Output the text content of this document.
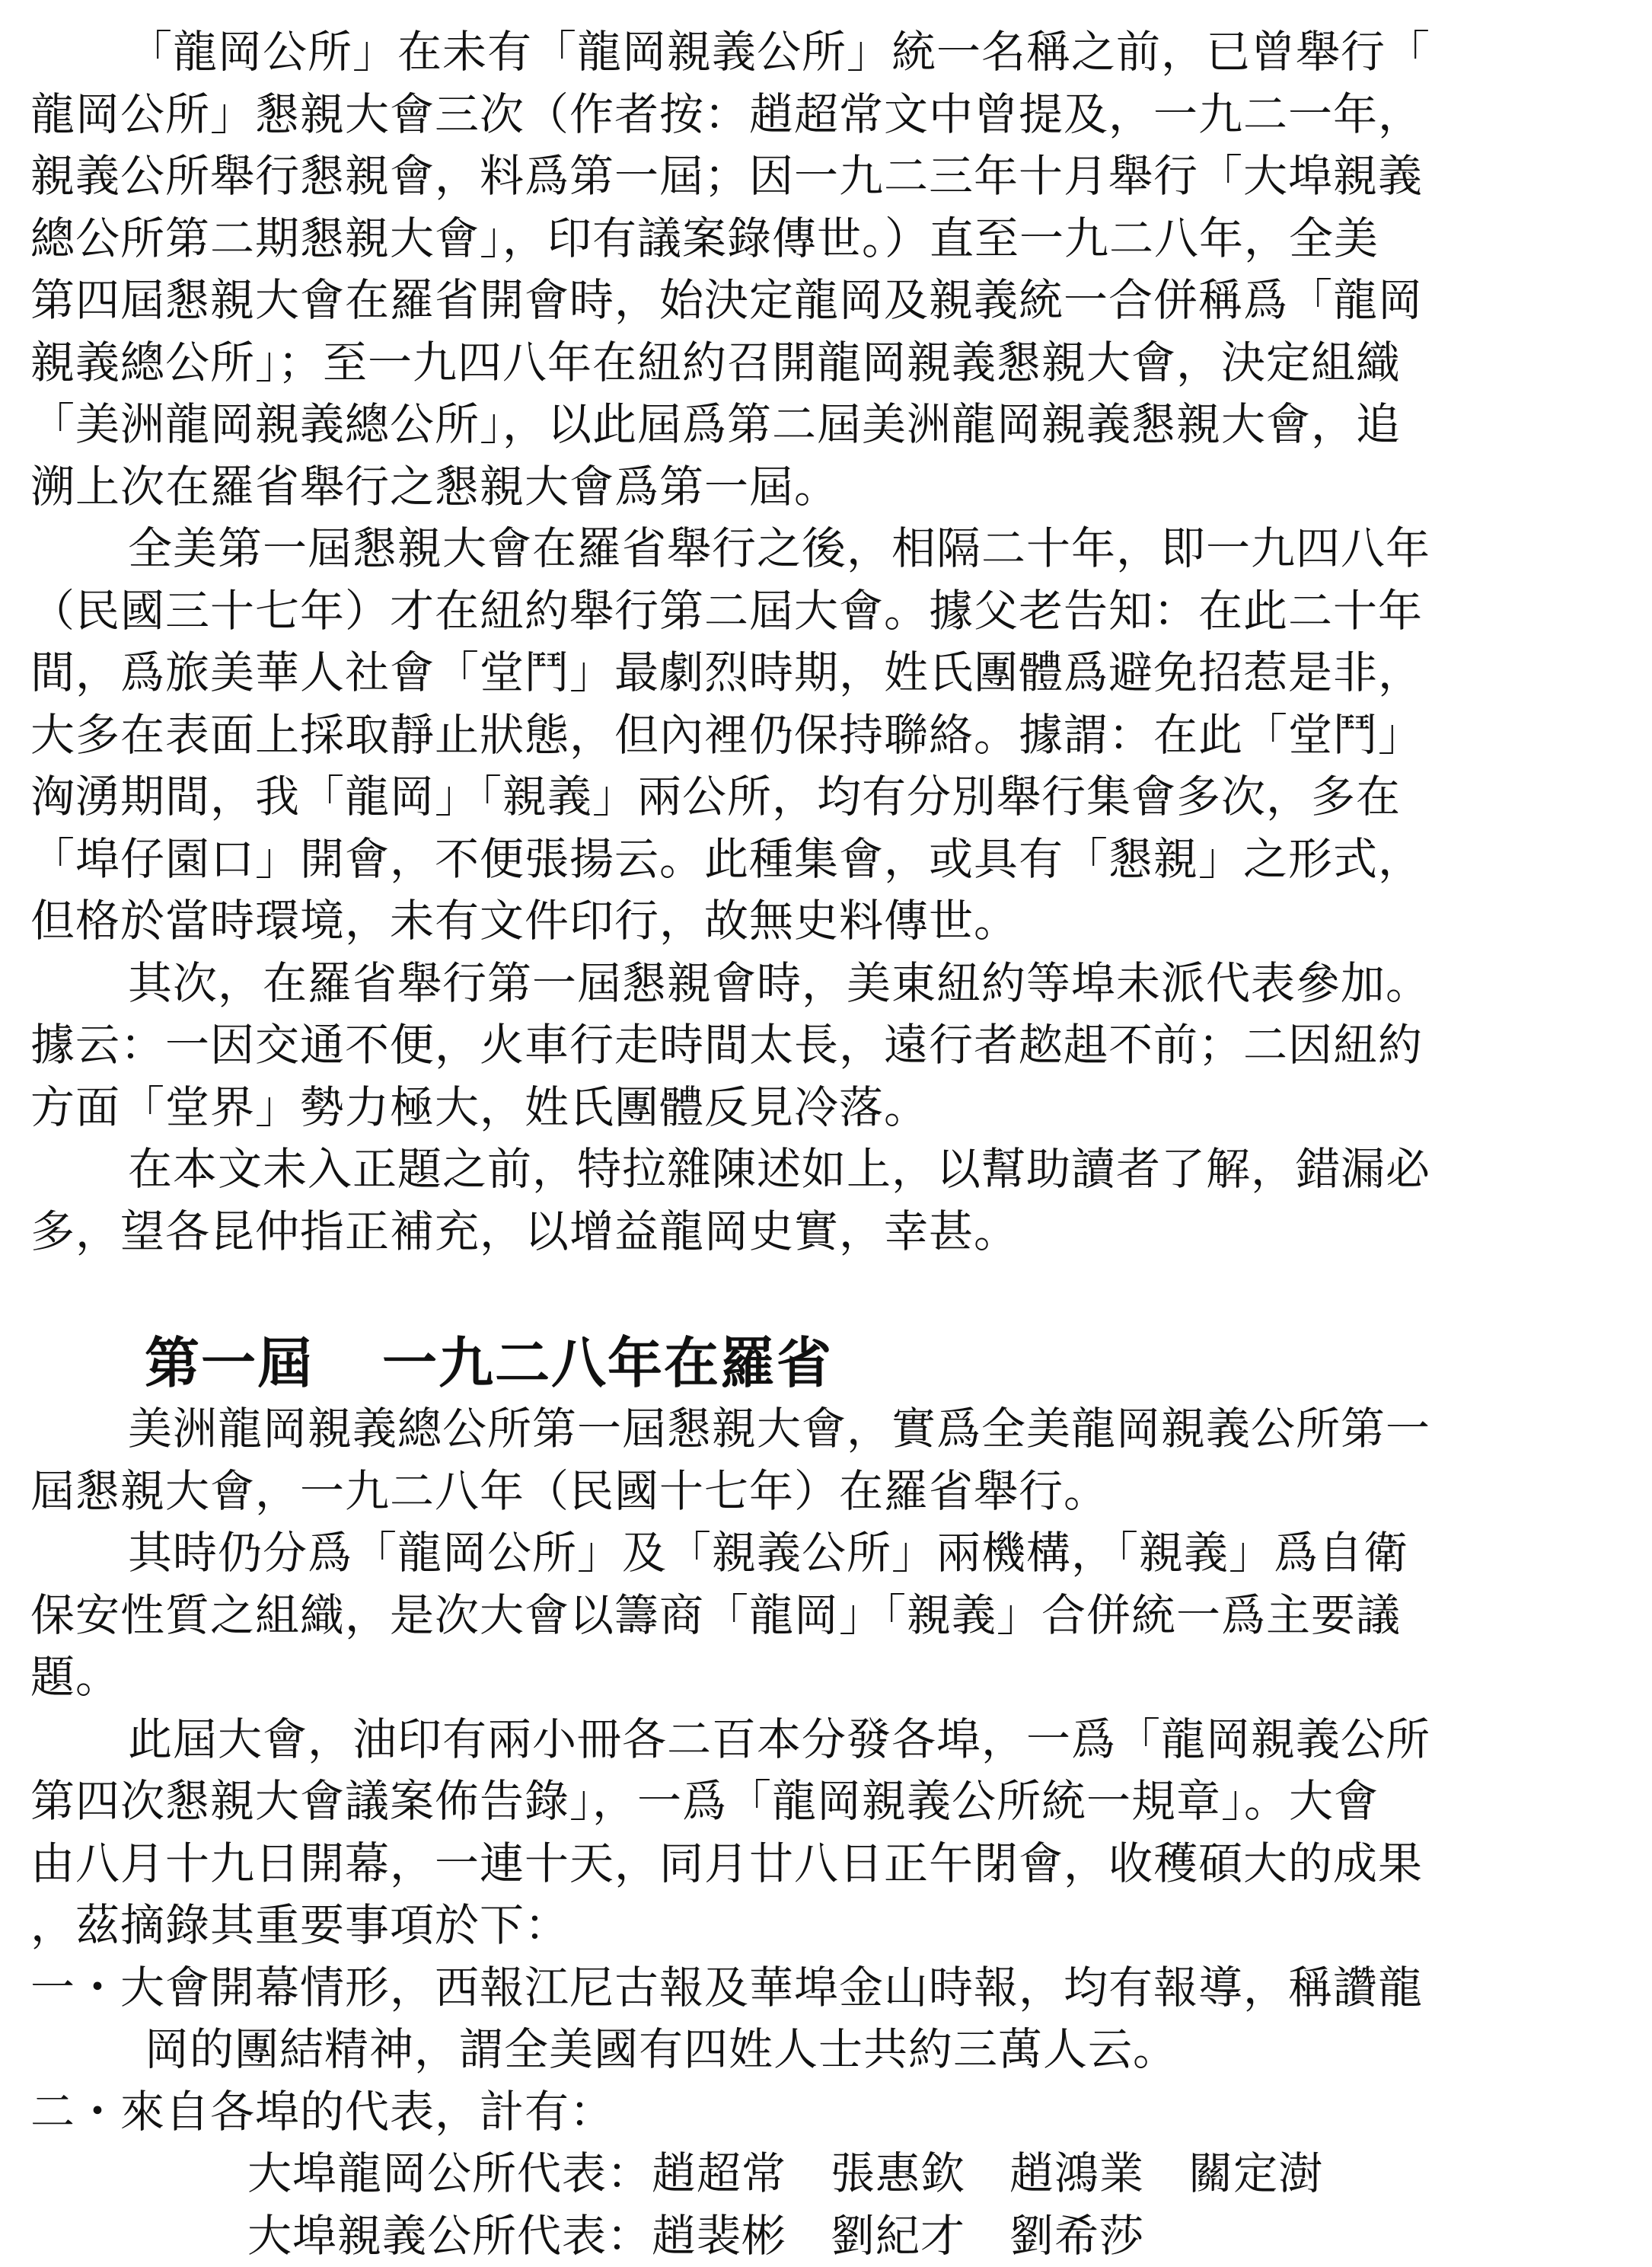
「龍岡公所」在未有「龍岡親義公所」統一名稱之前，已曾舉行「
龍岡公所」懇親大會三次（作者按：趙超常文中曾提及，一九二一年，
親義公所舉行懇親會，料爲第一屆；因一九二三年十月舉行「大埠親義
總公所第二期懇親大會」，印有議案錄傳世。）直至一九二八年，全美
第四屆懇親大會在羅省開會時，始決定龍岡及親義統一合併稱爲「龍岡
親義總公所」；至一九四八年在紐約召開龍岡親義懇親大會，決定組織
「美洲龍岡親義總公所」，以此屆爲第二屆美洲龍岡親義懇親大會，追
溯上次在羅省舉行之懇親大會爲第一屆。
全美第一屆懇親大會在羅省舉行之後，相隔二十年，即一九四八年
（民國三十七年）才在紐約舉行第二屆大會。據父老告知：在此二十年
間，爲旅美華人社會「堂鬥」最劇烈時期，姓氏團體爲避免招惹是非，
大多在表面上採取靜止狀態，但內裡仍保持聯絡。據謂：在此「堂鬥」
洶湧期間，我「龍岡」「親義」兩公所，均有分別舉行集會多次，多在
「埠仔園口」開會，不便張揚云。此種集會，或具有「懇親」之形式，
但格於當時環境，未有文件印行，故無史料傳世。
其次，在羅省舉行第一屆懇親會時，美東紐約等埠未派代表參加。
據云：一因交通不便，火車行走時間太長，遠行者趑趄不前；二因紐約
方面「堂界」勢力極大，姓氏團體反見冷落。
在本文未入正題之前，特拉雜陳述如上，以幫助讀者了解，錯漏必
多，望各昆仲指正補充，以增益龍岡史實，幸甚。
第一屆 一九二八年在羅省
美洲龍岡親義總公所第一屆懇親大會，實爲全美龍岡親義公所第一
屆懇親大會，一九二八年（民國十七年）在羅省舉行。
其時仍分爲「龍岡公所」及「親義公所」兩機構，「親義」爲自衛
保安性質之組織，是次大會以籌商「龍岡」「親義」合併統一爲主要議
題。
此屆大會，油印有兩小冊各二百本分發各埠，一爲「龍岡親義公所
第四次懇親大會議案佈告錄」，一爲「龍岡親義公所統一規章」。大會
由八月十九日開幕，一連十天，同月廿八日正午閉會，收穫碩大的成果
，茲摘錄其重要事項於下：
一・大會開幕情形，西報江尼古報及華埠金山時報，均有報導，稱讚龍
岡的團結精神，謂全美國有四姓人士共約三萬人云。
二・來自各埠的代表，計有：
大埠龍岡公所代表：趙超常 張惠欽 趙鴻業 關定澍
大埠親義公所代表：趙裴彬 劉紀才 劉希莎
